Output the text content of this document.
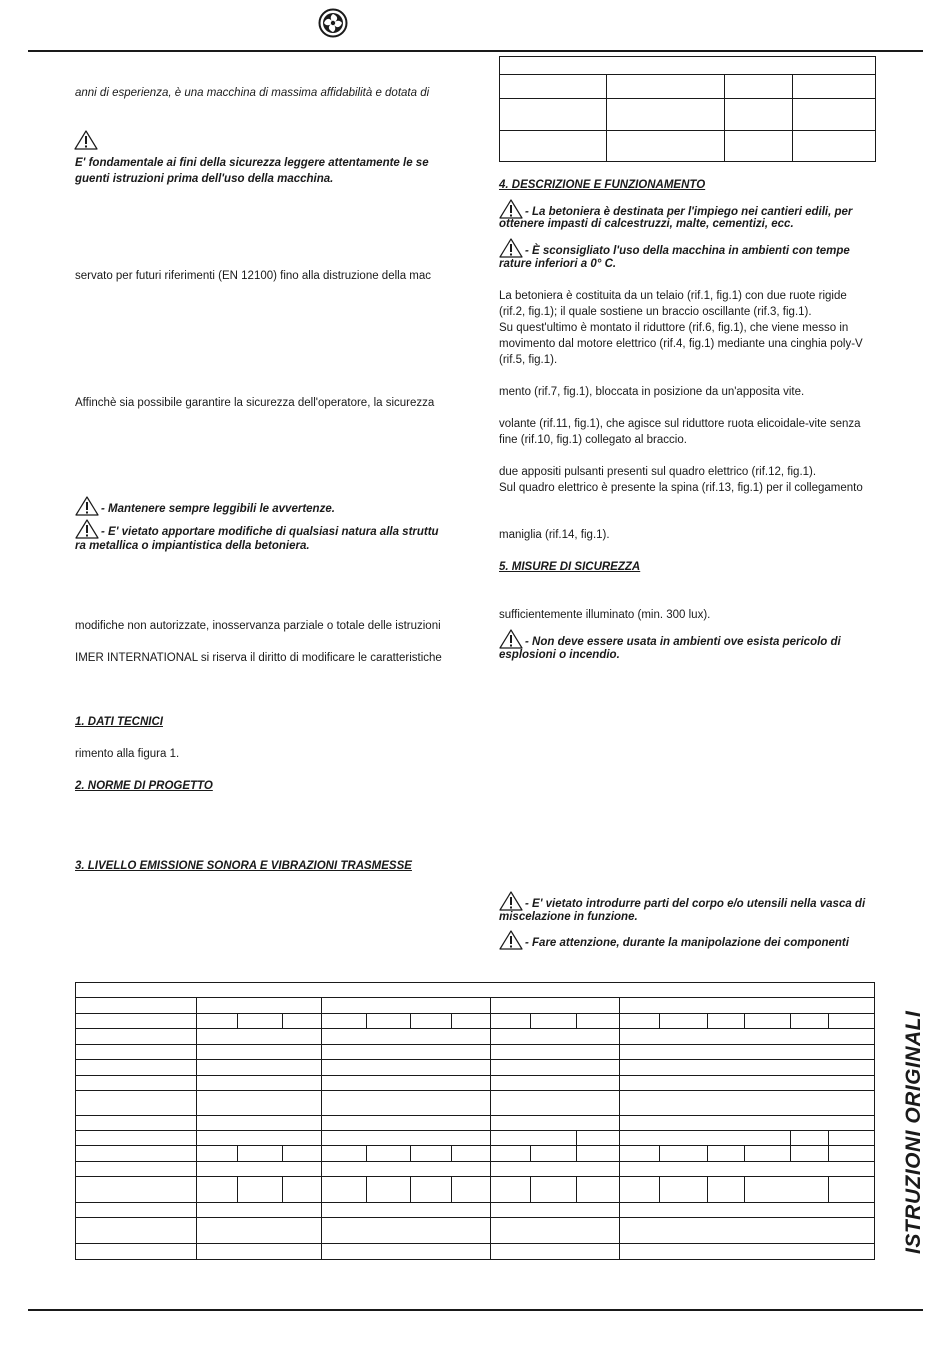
anni di esperienza, è una macchina di massima affidabilità e dotata di
E' fondamentale ai fini della sicurezza leggere attentamente le se
guenti istruzioni prima dell'uso della macchina.
servato per futuri riferimenti (EN 12100) fino alla distruzione della mac
Affinchè sia possibile garantire la sicurezza dell'operatore, la sicurezza
- Mantenere sempre leggibili le avvertenze.
- E' vietato apportare modifiche di qualsiasi natura alla struttu
ra metallica o impiantistica della betoniera.
modifiche non autorizzate, inosservanza parziale o totale delle istruzioni
IMER INTERNATIONAL si riserva il diritto di modificare le caratteristiche
1. DATI TECNICI
rimento alla figura 1.
2. NORME DI PROGETTO
3. LIVELLO EMISSIONE SONORA E VIBRAZIONI TRASMESSE

4. DESCRIZIONE E FUNZIONAMENTO
- La betoniera è destinata per l'impiego nei cantieri edili, per
ottenere impasti di calcestruzzi, malte, cementizi, ecc.
- È sconsigliato l'uso della macchina in ambienti con tempe
rature inferiori a 0° C.
La betoniera è costituita da un telaio (rif.1, fig.1) con due ruote rigide
(rif.2, fig.1); il quale sostiene un braccio oscillante (rif.3, fig.1).
Su quest'ultimo è montato il riduttore (rif.6, fig.1), che viene messo in
movimento dal motore elettrico (rif.4, fig.1) mediante una cinghia poly-V
(rif.5, fig.1).
mento (rif.7, fig.1), bloccata in posizione da un'apposita vite.
volante (rif.11, fig.1), che agisce sul riduttore ruota elicoidale-vite senza
fine (rif.10, fig.1) collegato al braccio.
due appositi pulsanti presenti sul quadro elettrico (rif.12, fig.1).
Sul quadro elettrico è presente la spina (rif.13, fig.1) per il collegamento
maniglia (rif.14, fig.1).
5. MISURE DI SICUREZZA
sufficientemente illuminato (min. 300 lux).
- Non deve essere usata in ambienti ove esista pericolo di
esplosioni o incendio.
- E' vietato introdurre parti del corpo e/o utensili nella vasca di
miscelazione in funzione.
- Fare attenzione, durante la manipolazione dei componenti

ISTRUZIONI ORIGINALI
